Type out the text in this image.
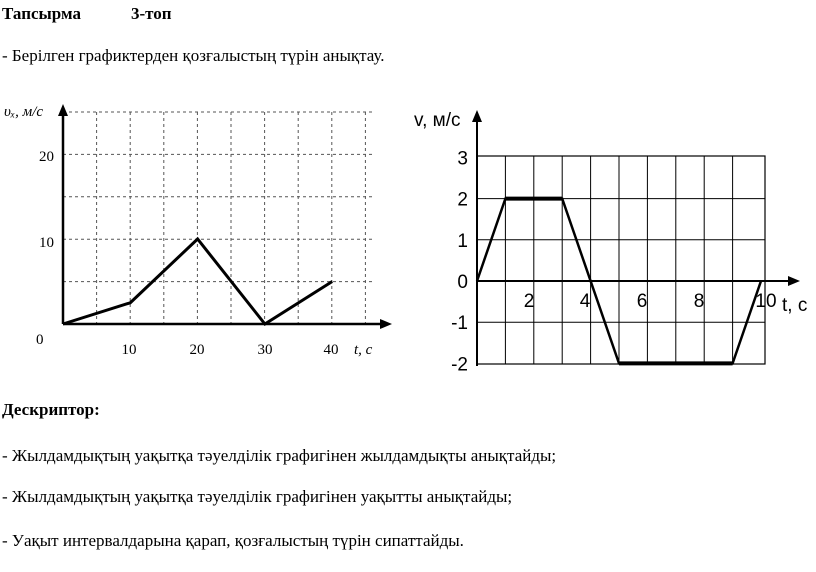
Тапсырма	3-топ
- Берілген графиктерден қозғалыстың түрін анықтау.
υₓ, м/с
t, с
10	20	30	40
0
10
20
v, м/с
t, с
2 4 6 8	10
3
2
1
0
-1
-2
Дескриптор:
- Жылдамдықтың уақытқа тәуелділік графигінен жылдамдықты анықтайды;
- Жылдамдықтың уақытқа тәуелділік графигінен уақытты анықтайды;
- Уақыт интервалдарына қарап, қозғалыстың түрін сипаттайды.
